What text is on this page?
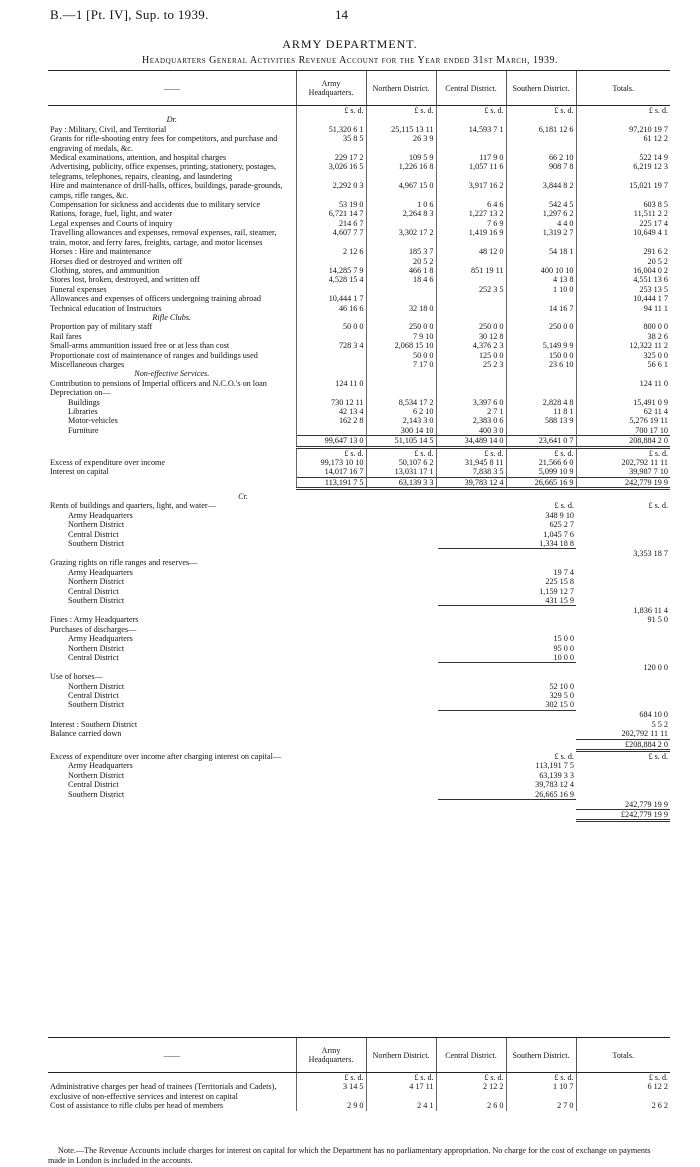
B.—1 [Pt. IV], Sup. to 1939.	14
ARMY DEPARTMENT.
Headquarters General Activities Revenue Account for the Year ended 31st March, 1939.
——	Army Headquarters.	Northern District.	Central District.	Southern District.	Totals.
	£ s. d.	£ s. d.	£ s. d.	£ s. d.	£ s. d.
Dr.					
Pay : Military, Civil, and Territorial	51,320 6 1	25,115 13 11	14,593 7 1	6,181 12 6	97,210 19 7
Grants for rifle-shooting entry fees for competitors, and purchase and engraving of medals, &c.	35 8 5	26 3 9			61 12 2
Medical examinations, attention, and hospital charges	229 17 2	109 5 9	117 9 0	66 2 10	522 14 9
Advertising, publicity, office expenses, printing, stationery, postages, telegrams, telephones, repairs, cleaning, and laundering	3,026 16 5	1,226 16 8	1,057 11 6	908 7 8	6,219 12 3
Hire and maintenance of drill-halls, offices, buildings, parade-grounds, camps, rifle ranges, &c.	2,292 0 3	4,967 15 0	3,917 16 2	3,844 8 2	15,021 19 7
Compensation for sickness and accidents due to military service	53 19 0	1 0 6	6 4 6	542 4 5	603 8 5
Rations, forage, fuel, light, and water	6,721 14 7	2,264 8 3	1,227 13 2	1,297 6 2	11,511 2 2
Legal expenses and Courts of inquiry	214 6 7		7 6 9	4 4 0	225 17 4
Travelling allowances and expenses, removal expenses, rail, steamer, train, motor, and ferry fares, freights, cartage, and motor licenses	4,607 7 7	3,302 17 2	1,419 16 9	1,319 2 7	10,649 4 1
Horses : Hire and maintenance	2 12 6	185 3 7	48 12 0	54 18 1	291 6 2
Horses died or destroyed and written off		20 5 2			20 5 2
Clothing, stores, and ammunition	14,285 7 9	466 1 8	851 19 11	400 10 10	16,004 0 2
Stores lost, broken, destroyed, and written off	4,528 15 4	18 4 6		4 13 8	4,551 13 6
Funeral expenses			252 3 5	1 10 0	253 13 5
Allowances and expenses of officers undergoing training abroad	10,444 1 7				10,444 1 7
Technical education of Instructors	46 16 6	32 18 0		14 16 7	94 11 1
Rifle Clubs.					
Proportion pay of military staff	50 0 0	250 0 0	250 0 0	250 0 0	800 0 0
Rail fares		7 9 10	30 12 8		38 2 6
Small-arms ammunition issued free or at less than cost	728 3 4	2,068 15 10	4,376 2 3	5,149 9 9	12,322 11 2
Proportionate cost of maintenance of ranges and buildings used		50 0 0	125 0 0	150 0 0	325 0 0
Miscellaneous charges		7 17 0	25 2 3	23 6 10	56 6 1
Non-effective Services.					
Contribution to pensions of Imperial officers and N.C.O.'s on loan	124 11 0				124 11 0
Depreciation on—					
Buildings	730 12 11	8,534 17 2	3,397 6 0	2,828 4 8	15,491 0 9
Libraries	42 13 4	6 2 10	2 7 1	11 8 1	62 11 4
Motor-vehicles	162 2 8	2,143 3 0	2,383 0 6	588 13 9	5,276 19 11
Furniture		300 14 10	400 3 0		700 17 10
	99,647 13 0	51,105 14 5	34,489 14 0	23,641 0 7	208,884 2 0
	£ s. d.	£ s. d.	£ s. d.	£ s. d.	£ s. d.
Excess of expenditure over income	99,173 10 10	50,107 6 2	31,945 8 11	21,566 6 0	202,792 11 11
Interest on capital	14,017 16 7	13,031 17 1	7,838 3 5	5,099 10 9	39,987 7 10
	113,191 7 5	63,139 3 3	39,783 12 4	26,665 16 9	242,779 19 9
Cr.		
Rents of buildings and quarters, light, and water—	£ s. d.	£ s. d.
Army Headquarters	348 9 10	
Northern District	625 2 7	
Central District	1,045 7 6	
Southern District	1,334 18 8	
		3,353 18 7
Grazing rights on rifle ranges and reserves—		
Army Headquarters	19 7 4	
Northern District	225 15 8	
Central District	1,159 12 7	
Southern District	431 15 9	
		1,836 11 4
Fines : Army Headquarters		91 5 0
Purchases of discharges—		
Army Headquarters	15 0 0	
Northern District	95 0 0	
Central District	10 0 0	
		120 0 0
Use of horses—		
Northern District	52 10 0	
Central District	329 5 0	
Southern District	302 15 0	
		684 10 0
Interest : Southern District		5 5 2
Balance carried down		202,792 11 11
		£208,884 2 0

Excess of expenditure over income after charging interest on capital—	£ s. d.	£ s. d.
Army Headquarters	113,191 7 5	
Northern District	63,139 3 3	
Central District	39,783 12 4	
Southern District	26,665 16 9	
		242,779 19 9
		£242,779 19 9
——	Army Headquarters.	Northern District.	Central District.	Southern District.	Totals.
	£ s. d.	£ s. d.	£ s. d.	£ s. d.	£ s. d.
Administrative charges per head of trainees (Territorials and Cadets), exclusive of non-effective services and interest on capital	3 14 5	4 17 11	2 12 2	1 10 7	6 12 2
Cost of assistance to rifle clubs per head of members	2 9 0	2 4 1	2 6 0	2 7 0	2 6 2
Note.—The Revenue Accounts include charges for interest on capital for which the Department has no parliamentary appropriation. No charge for the cost of exchange on payments made in London is included in the accounts.
